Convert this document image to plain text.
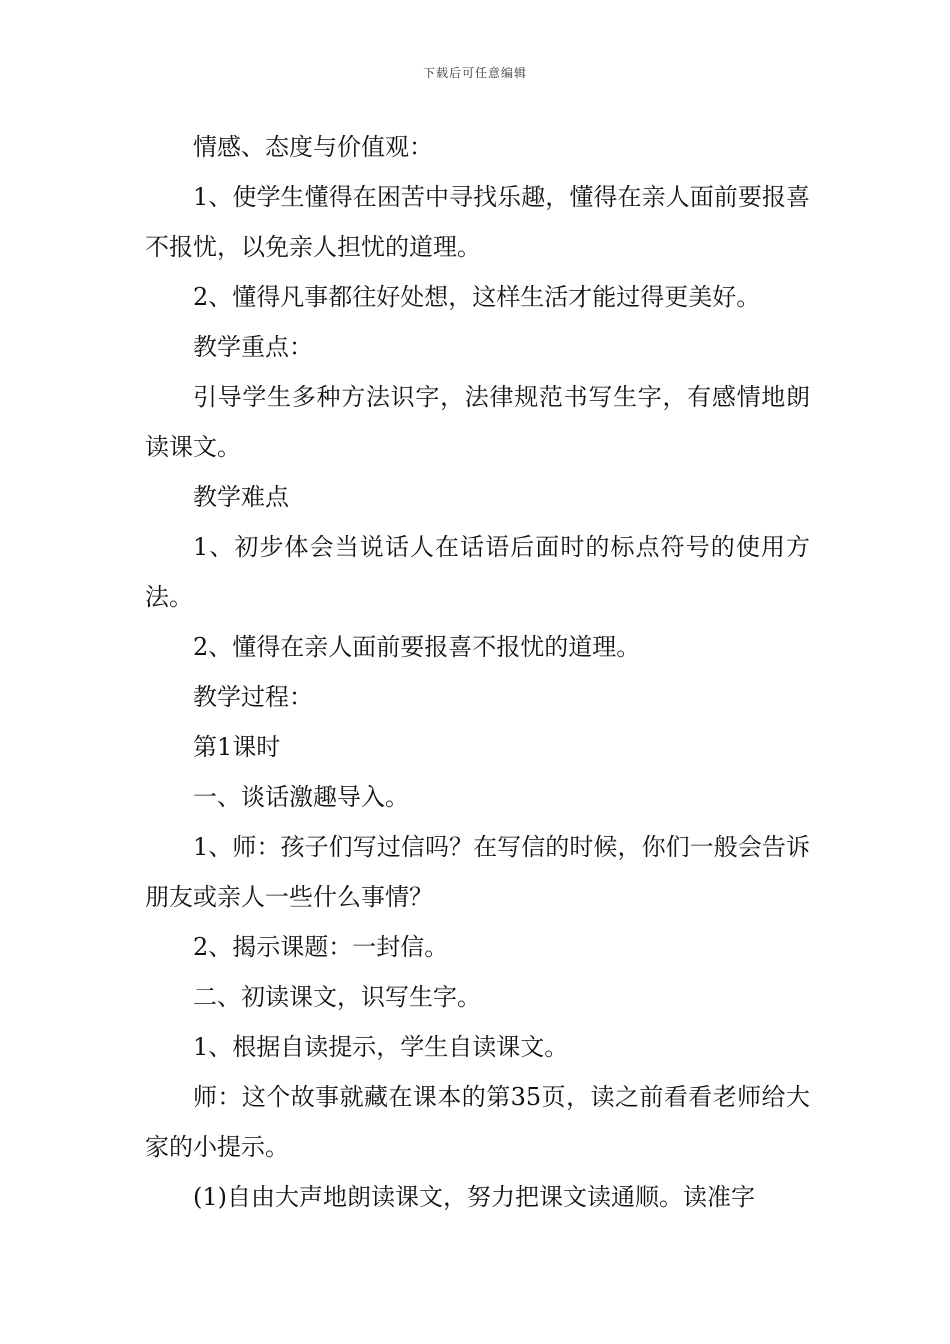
下载后可任意编辑

情感、态度与价值观：

1、使学生懂得在困苦中寻找乐趣，懂得在亲人面前要报喜不报忧，以免亲人担忧的道理。

2、懂得凡事都往好处想，这样生活才能过得更美好。

教学重点：

引导学生多种方法识字，法律规范书写生字，有感情地朗读课文。

教学难点

1、初步体会当说话人在话语后面时的标点符号的使用方法。

2、懂得在亲人面前要报喜不报忧的道理。

教学过程：

第1课时

一、谈话激趣导入。

1、师：孩子们写过信吗？在写信的时候，你们一般会告诉朋友或亲人一些什么事情？

2、揭示课题：一封信。

二、初读课文，识写生字。

1、根据自读提示，学生自读课文。

师：这个故事就藏在课本的第35页，读之前看看老师给大家的小提示。

(1)自由大声地朗读课文，努力把课文读通顺。读准字
